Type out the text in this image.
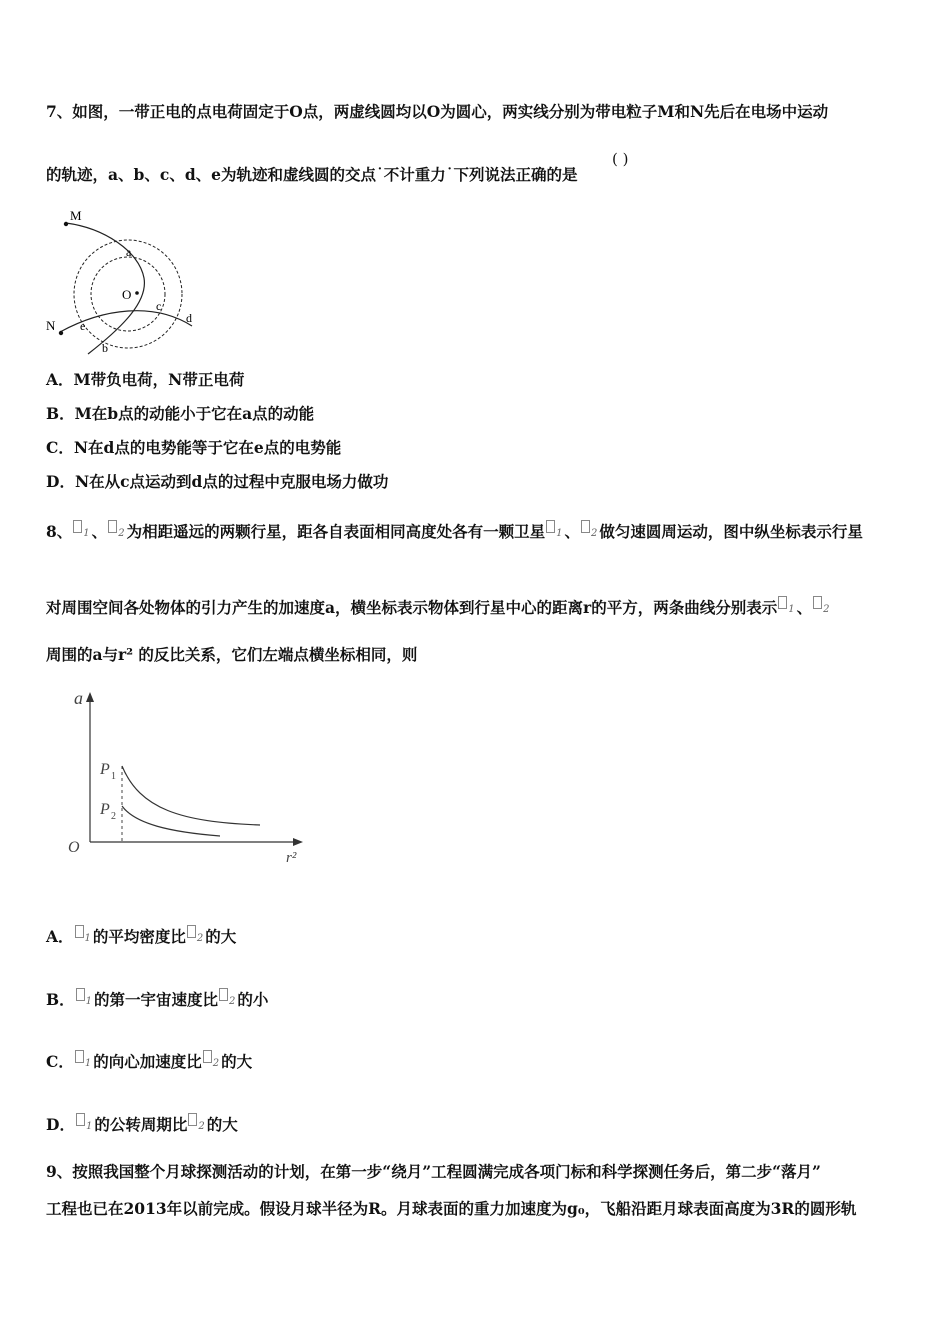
7、如图，一带正电的点电荷固定于O点，两虚线圆均以O为圆心，两实线分别为带电粒子M和N先后在电场中运动
的轨迹，a、b、c、d、e为轨迹和虚线圆的交点˙不计重力˙下列说法正确的是
( )
M
N
O
a
b
c
d
e
A．M带负电荷，N带正电荷
B．M在b点的动能小于它在a点的动能
C．N在d点的电势能等于它在e点的电势能
D．N在从c点运动到d点的过程中克服电场力做功
8、 1 、 2 为相距遥远的两颗行星，距各自表面相同高度处各有一颗卫星 1 、 2 做匀速圆周运动，图中纵坐标表示行星
对周围空间各处物体的引力产生的加速度a，横坐标表示物体到行星中心的距离r的平方，两条曲线分别表示 1 、 2
周围的a与r² 的反比关系，它们左端点横坐标相同，则
a
r²
O
P 1
P 2
A． 1 的平均密度比 2 的大
B． 1 的第一宇宙速度比 2 的小
C． 1 的向心加速度比 2 的大
D． 1 的公转周期比 2 的大
9、按照我国整个月球探测活动的计划，在第一步“绕月”工程圆满完成各项门标和科学探测任务后，第二步“落月”
工程也已在2013年以前完成。假设月球半径为R。月球表面的重力加速度为g₀，飞船沿距月球表面高度为3R的圆形轨
